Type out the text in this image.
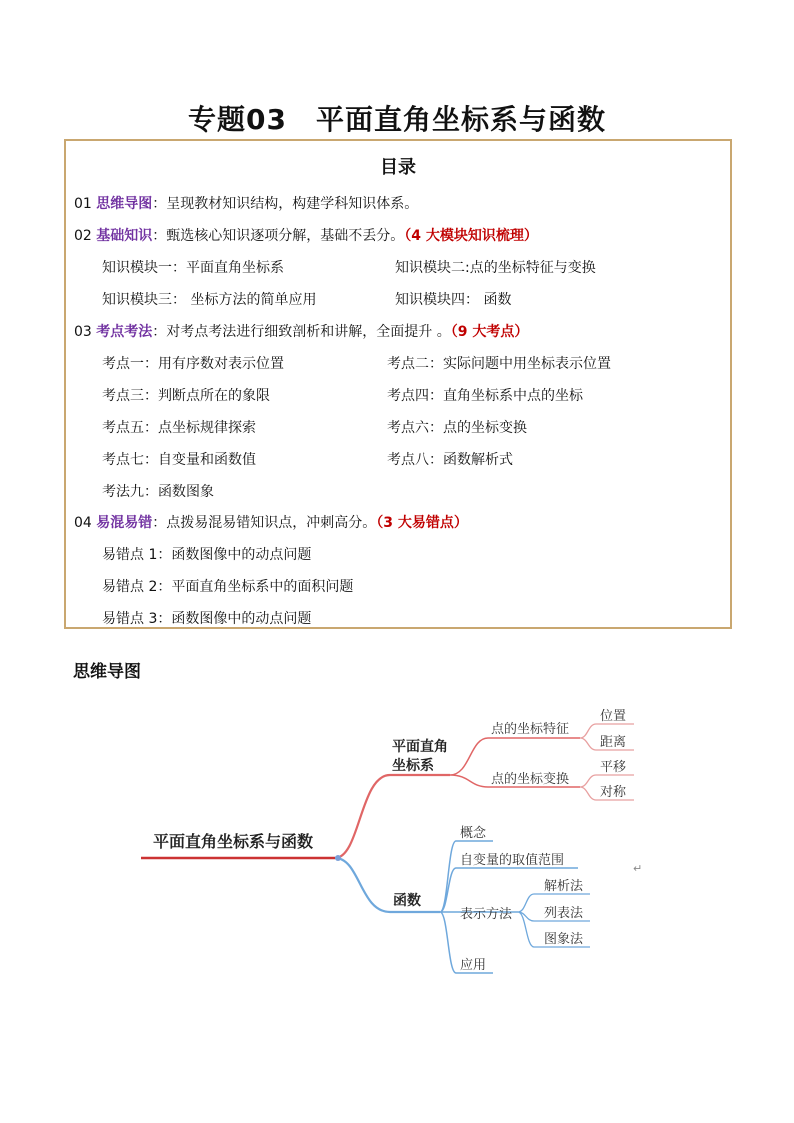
专题03　平面直角坐标系与函数
目录
01 思维导图：呈现教材知识结构，构建学科知识体系。
02 基础知识：甄选核心知识逐项分解，基础不丢分。（4 大模块知识梳理）
知识模块一：平面直角坐标系	知识模块二:点的坐标特征与变换
知识模块三： 坐标方法的简单应用	知识模块四： 函数
03 考点考法：对考点考法进行细致剖析和讲解，全面提升 。（9 大考点）
考点一：用有序数对表示位置	考点二：实际问题中用坐标表示位置
考点三：判断点所在的象限	考点四：直角坐标系中点的坐标
考点五：点坐标规律探索	考点六：点的坐标变换
考点七：自变量和函数值	考点八：函数解析式
考法九：函数图象
04 易混易错：点拨易混易错知识点，冲刺高分。（3 大易错点）
易错点 1：函数图像中的动点问题
易错点 2：平面直角坐标系中的面积问题
易错点 3：函数图像中的动点问题
思维导图
平面直角坐标系与函数
平面直角
坐标系
点的坐标特征
点的坐标变换
位置
距离
平移
对称
函数
概念
自变量的取值范围
表示方法
应用
解析法
列表法
图象法
↵
